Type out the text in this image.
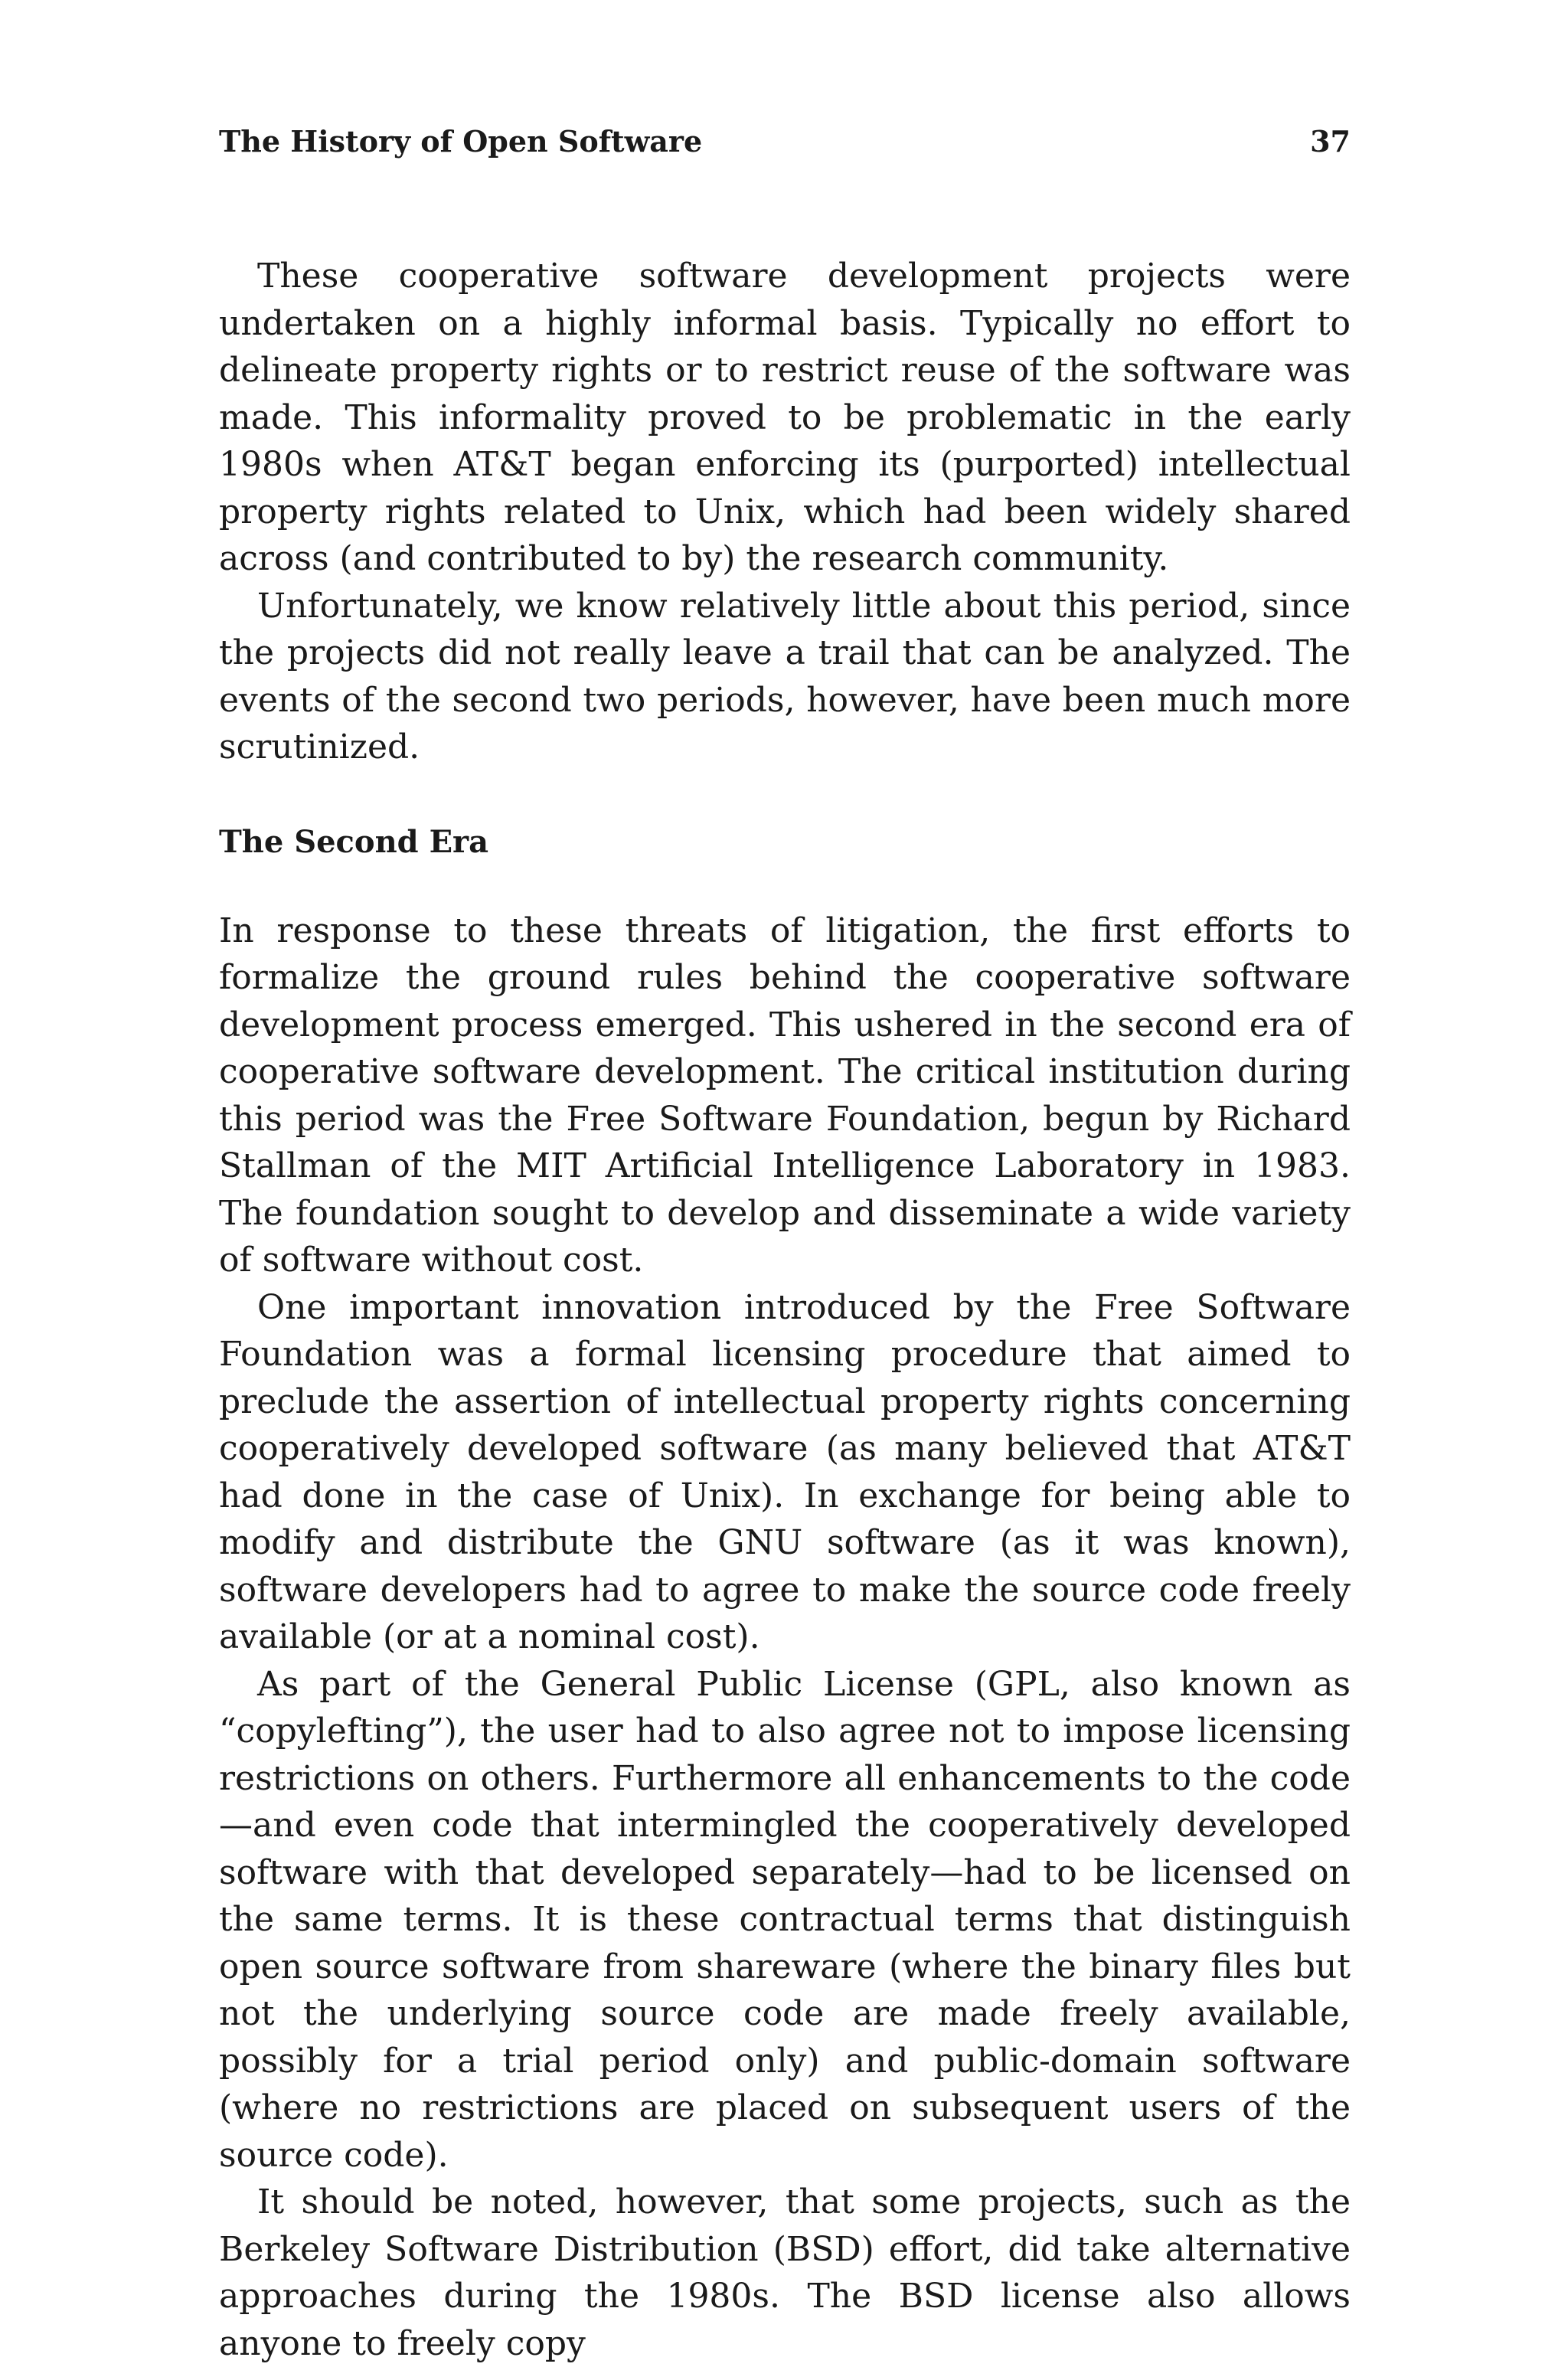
The History of Open Software	37

These cooperative software development projects were undertaken on a highly informal basis. Typically no effort to delineate property rights or to restrict reuse of the software was made. This informality proved to be problematic in the early 1980s when AT&T began enforcing its (purported) intellectual property rights related to Unix, which had been widely shared across (and contributed to by) the research community.

Unfortunately, we know relatively little about this period, since the projects did not really leave a trail that can be analyzed. The events of the second two periods, however, have been much more scrutinized.

The Second Era

In response to these threats of litigation, the first efforts to formalize the ground rules behind the cooperative software development process emerged. This ushered in the second era of cooperative software development. The critical institution during this period was the Free Software Foundation, begun by Richard Stallman of the MIT Artificial Intelligence Laboratory in 1983. The foundation sought to develop and disseminate a wide variety of software without cost.

One important innovation introduced by the Free Software Foundation was a formal licensing procedure that aimed to preclude the assertion of intellectual property rights concerning cooperatively developed software (as many believed that AT&T had done in the case of Unix). In exchange for being able to modify and distribute the GNU software (as it was known), software developers had to agree to make the source code freely available (or at a nominal cost).

As part of the General Public License (GPL, also known as “copylefting”), the user had to also agree not to impose licensing restrictions on others. Furthermore all enhancements to the code—and even code that intermingled the cooperatively developed software with that developed separately—had to be licensed on the same terms. It is these contractual terms that distinguish open source software from shareware (where the binary files but not the underlying source code are made freely available, possibly for a trial period only) and public-domain software (where no restrictions are placed on subsequent users of the source code).

It should be noted, however, that some projects, such as the Berkeley Software Distribution (BSD) effort, did take alternative approaches during the 1980s. The BSD license also allows anyone to freely copy
